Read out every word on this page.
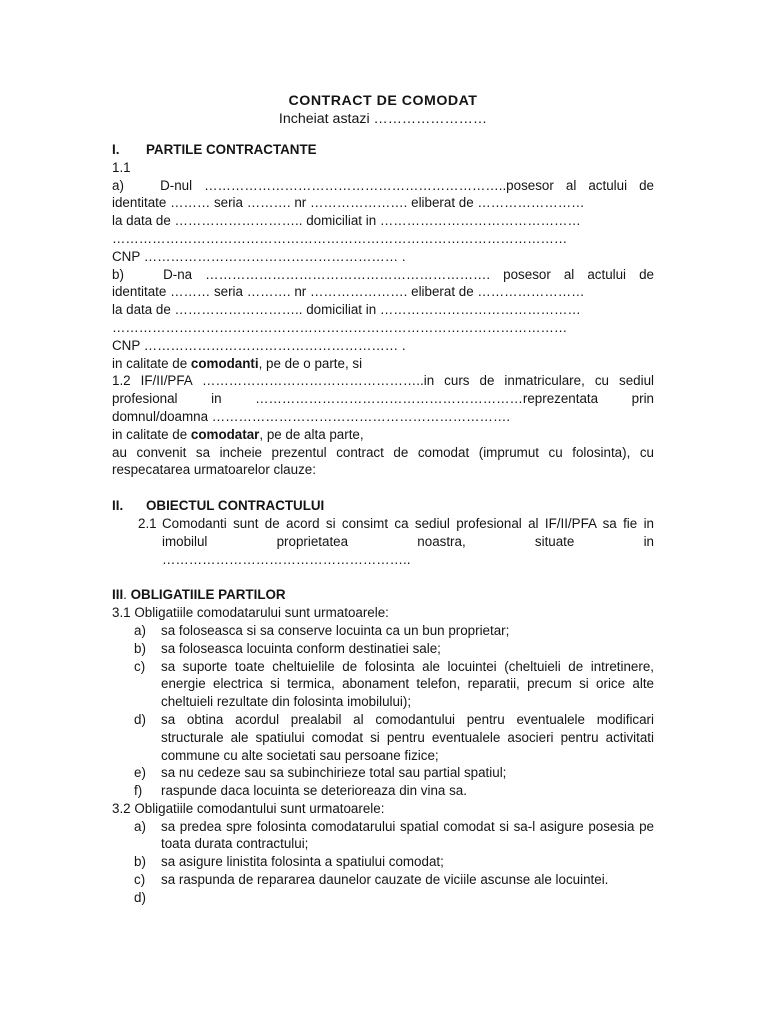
CONTRACT DE COMODAT
Incheiat astazi ……………………
I.	PARTILE CONTRACTANTE
1.1
a)	D-nul …………………………………………………………..posesor al actului de
identitate ……… seria ………. nr …………………. eliberat de ……………………
la data de ……………………….. domiciliat in ………………………………………
…………………………………………………………………………………………
CNP ………………………………………………… .
b)	D-na ………………………………………………………. posesor al actului de
identitate ……… seria ………. nr …………………. eliberat de ……………………
la data de ……………………….. domiciliat in ………………………………………
…………………………………………………………………………………………
CNP ………………………………………………… .
in calitate de comodanti, pe de o parte, si
1.2 IF/II/PFA …………………………………………..in curs de inmatriculare, cu sediul
profesional in ……………………………………………………reprezentata prin
domnul/doamna ………………………………………………………….
in calitate de comodatar, pe de alta parte,
au convenit sa incheie prezentul contract de comodat (imprumut cu folosinta), cu
respecatarea urmatoarelor clauze:
II.	OBIECTUL CONTRACTULUI
2.1 Comodanti sunt de acord si consimt ca sediul profesional al IF/II/PFA sa fie in
imobilul proprietatea noastra, situate in
………………………………………………..
III. OBLIGATIILE PARTILOR
3.1 Obligatiile comodatarului sunt urmatoarele:
a)	sa foloseasca si sa conserve locuinta ca un bun proprietar;
b)	sa foloseasca locuinta conform destinatiei sale;
c)	sa suporte toate cheltuielile de folosinta ale locuintei (cheltuieli de intretinere, energie electrica si termica, abonament telefon, reparatii, precum si orice alte cheltuieli rezultate din folosinta imobilului);
d)	sa obtina acordul prealabil al comodantului pentru eventualele modificari structurale ale spatiului comodat si pentru eventualele asocieri pentru activitati commune cu alte societati sau persoane fizice;
e)	sa nu cedeze sau sa subinchirieze total sau partial spatiul;
f)	raspunde daca locuinta se deterioreaza din vina sa.
3.2 Obligatiile comodantului sunt urmatoarele:
a)	sa predea spre folosinta comodatarului spatial comodat si sa-l asigure posesia pe toata durata contractului;
b)	sa asigure linistita folosinta a spatiului comodat;
c)	sa raspunda de repararea daunelor cauzate de viciile ascunse ale locuintei.
d)
